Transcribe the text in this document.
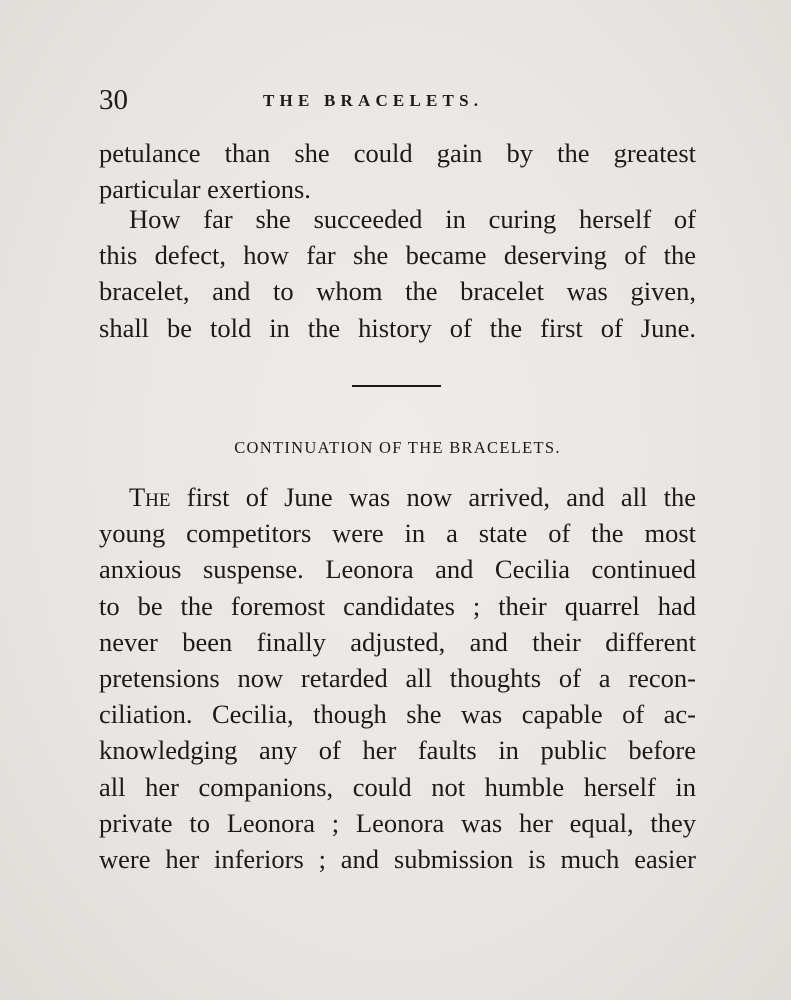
30	THE BRACELETS.
petulance than she could gain by the greatest
particular exertions.
How far she succeeded in curing herself of
this defect, how far she became deserving of the
bracelet, and to whom the bracelet was given,
shall be told in the history of the first of June.
CONTINUATION OF THE BRACELETS.
The first of June was now arrived, and all the
young competitors were in a state of the most
anxious suspense. Leonora and Cecilia continued
to be the foremost candidates ; their quarrel had
never been finally adjusted, and their different
pretensions now retarded all thoughts of a recon-
ciliation. Cecilia, though she was capable of ac-
knowledging any of her faults in public before
all her companions, could not humble herself in
private to Leonora ; Leonora was her equal, they
were her inferiors ; and submission is much easier
